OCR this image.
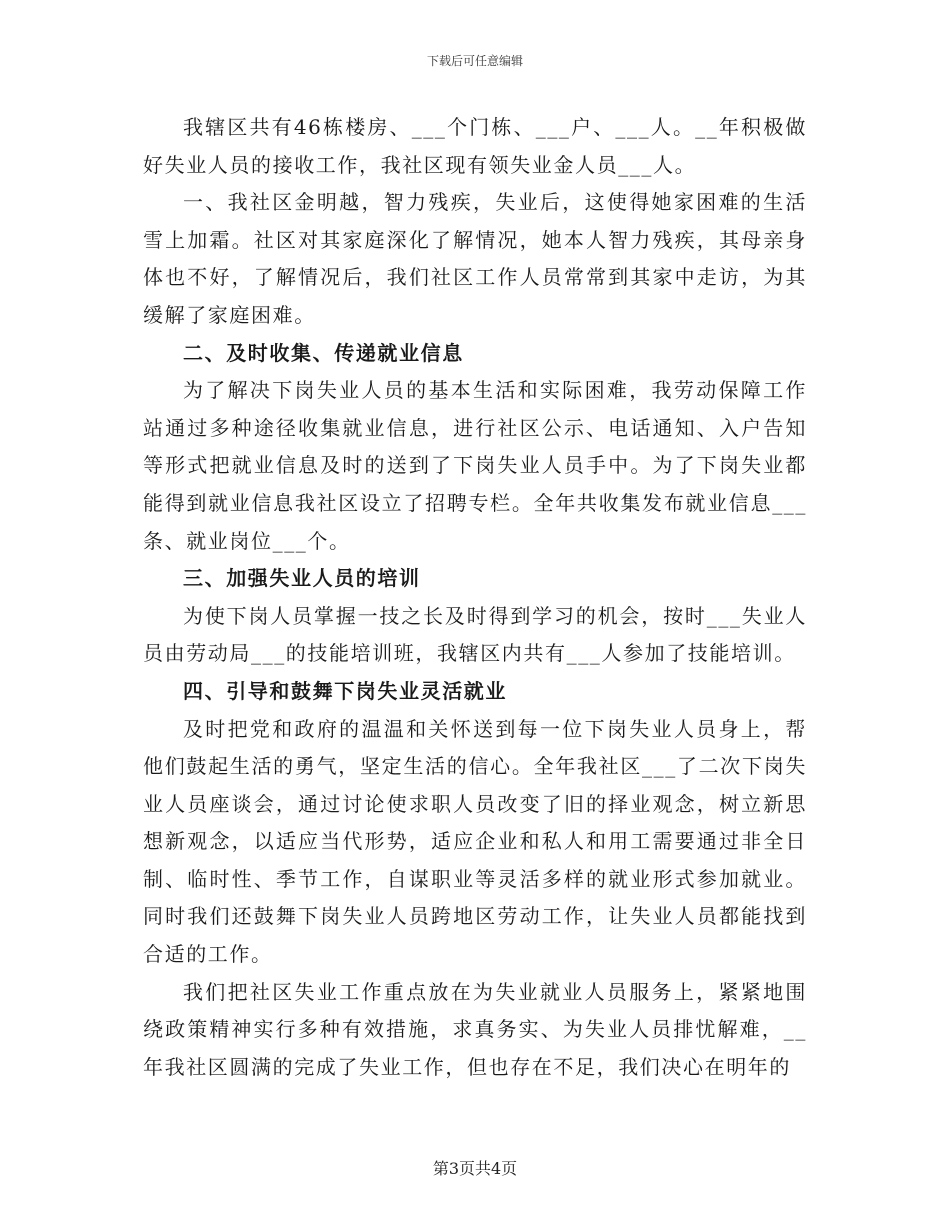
下载后可任意编辑

我辖区共有46栋楼房、___个门栋、___户、___人。__年积极做好失业人员的接收工作，我社区现有领失业金人员___人。

一、我社区金明越，智力残疾，失业后，这使得她家困难的生活雪上加霜。社区对其家庭深化了解情况，她本人智力残疾，其母亲身体也不好，了解情况后，我们社区工作人员常常到其家中走访，为其缓解了家庭困难。

二、及时收集、传递就业信息

为了解决下岗失业人员的基本生活和实际困难，我劳动保障工作站通过多种途径收集就业信息，进行社区公示、电话通知、入户告知等形式把就业信息及时的送到了下岗失业人员手中。为了下岗失业都能得到就业信息我社区设立了招聘专栏。全年共收集发布就业信息___条、就业岗位___个。

三、加强失业人员的培训

为使下岗人员掌握一技之长及时得到学习的机会，按时___失业人员由劳动局___的技能培训班，我辖区内共有___人参加了技能培训。

四、引导和鼓舞下岗失业灵活就业

及时把党和政府的温温和关怀送到每一位下岗失业人员身上，帮他们鼓起生活的勇气，坚定生活的信心。全年我社区___了二次下岗失业人员座谈会，通过讨论使求职人员改变了旧的择业观念，树立新思想新观念，以适应当代形势，适应企业和私人和用工需要通过非全日制、临时性、季节工作，自谋职业等灵活多样的就业形式参加就业。同时我们还鼓舞下岗失业人员跨地区劳动工作，让失业人员都能找到合适的工作。

我们把社区失业工作重点放在为失业就业人员服务上，紧紧地围绕政策精神实行多种有效措施，求真务实、为失业人员排忧解难，__年我社区圆满的完成了失业工作，但也存在不足，我们决心在明年的

第3页共4页
